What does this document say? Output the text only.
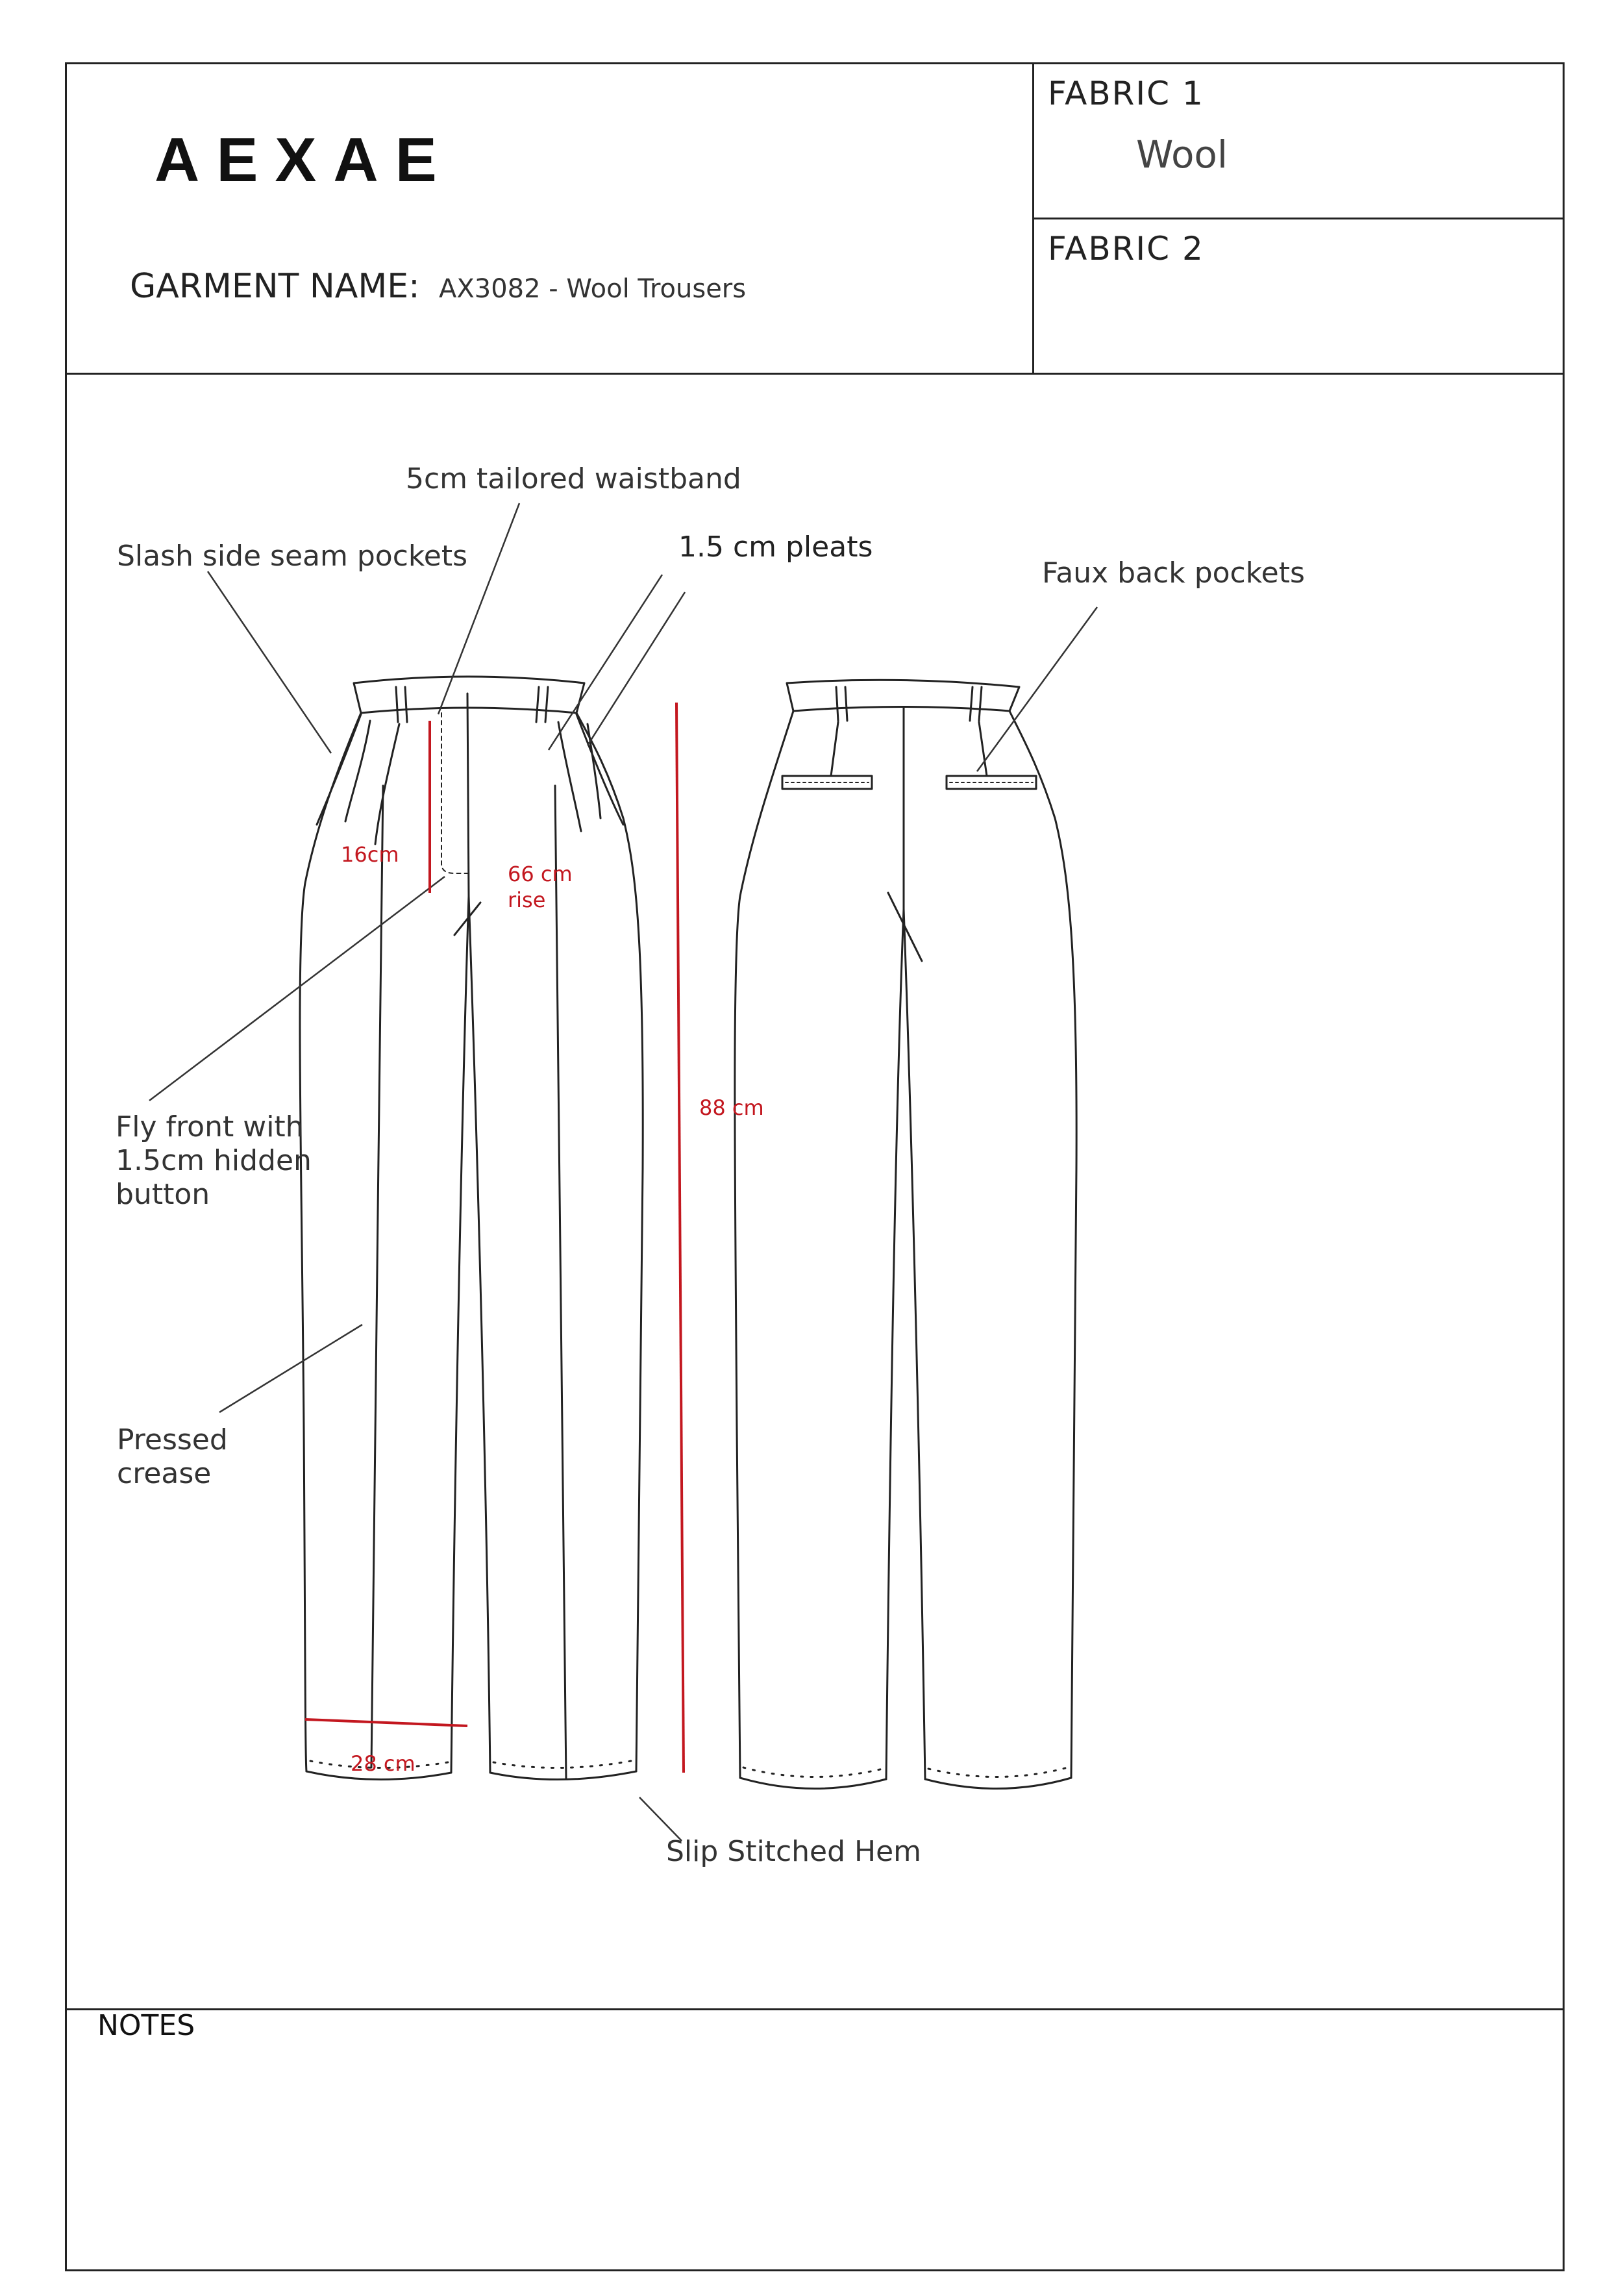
AEXAE
GARMENT NAME: AX3082 - Wool Trousers
FABRIC 1
Wool
FABRIC 2
5cm tailored waistband
Slash side seam pockets	1.5 cm pleats
Faux back pockets
Fly front with
1.5cm hidden
button
Pressed
crease
Slip Stitched Hem
16cm
66 cm
rise
88 cm
28 cm
NOTES
